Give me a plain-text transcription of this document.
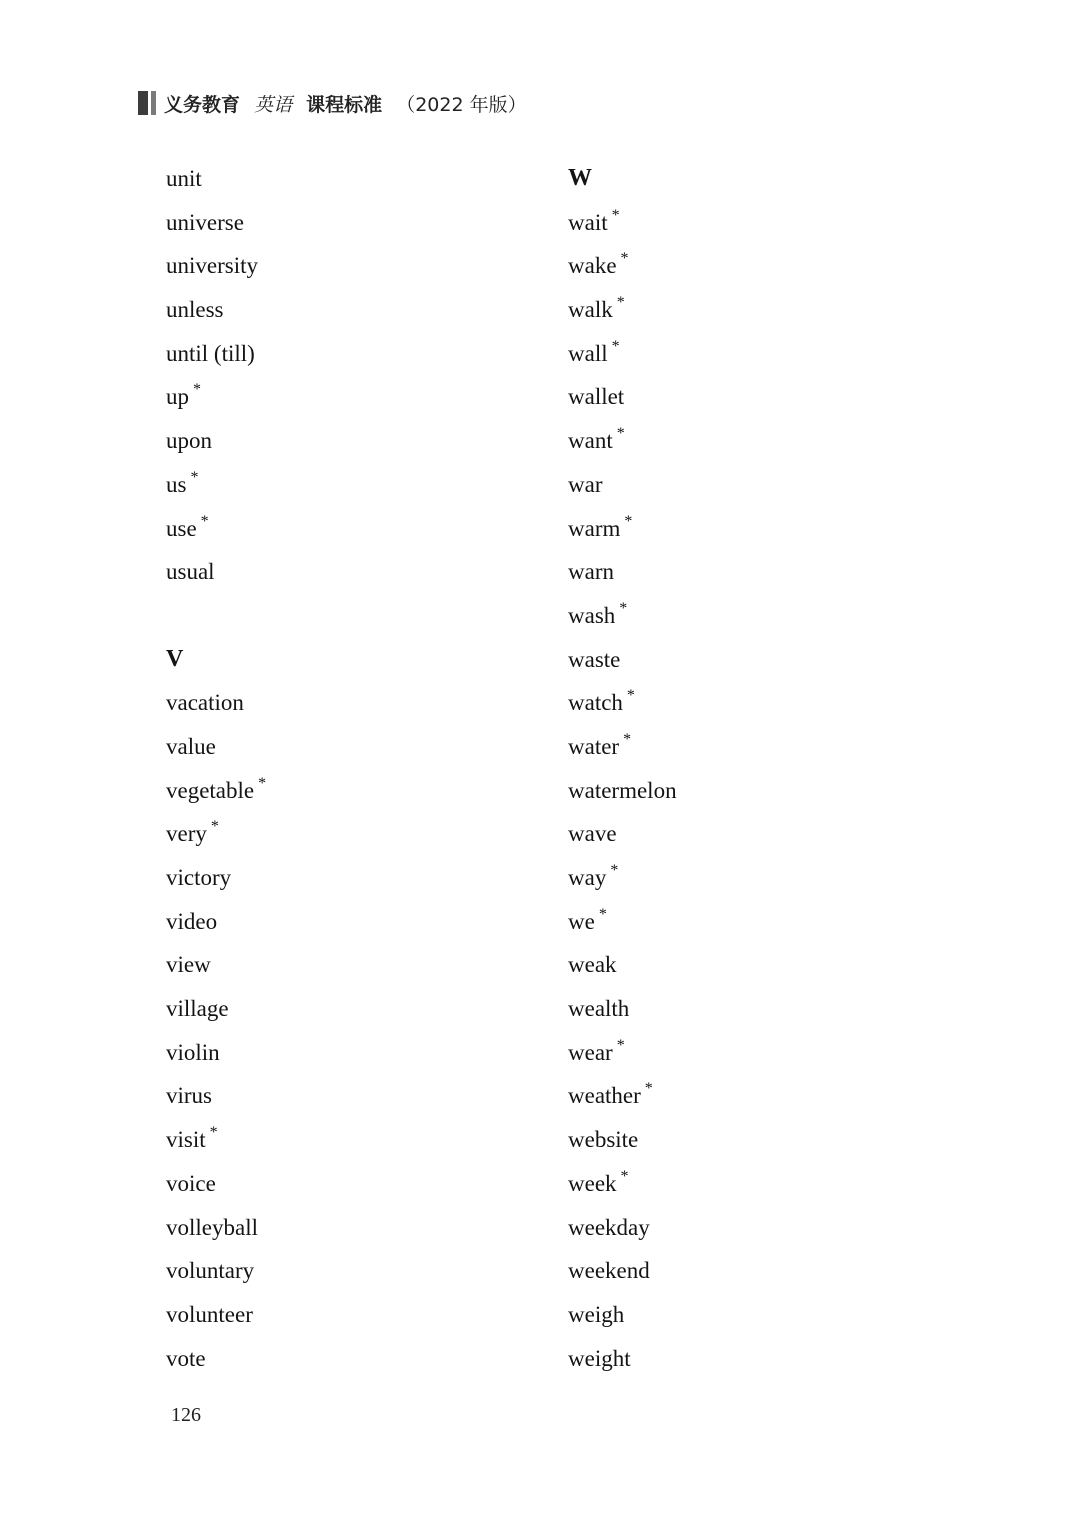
义务教育 英语 课程标准 （2022 年版）
unit
universe
university
unless
until (till)
up *
upon
us *
use *
usual
V
vacation
value
vegetable *
very *
victory
video
view
village
violin
virus
visit *
voice
volleyball
voluntary
volunteer
vote
W
wait *
wake *
walk *
wall *
wallet
want *
war
warm *
warn
wash *
waste
watch *
water *
watermelon
wave
way *
we *
weak
wealth
wear *
weather *
website
week *
weekday
weekend
weigh
weight
126
